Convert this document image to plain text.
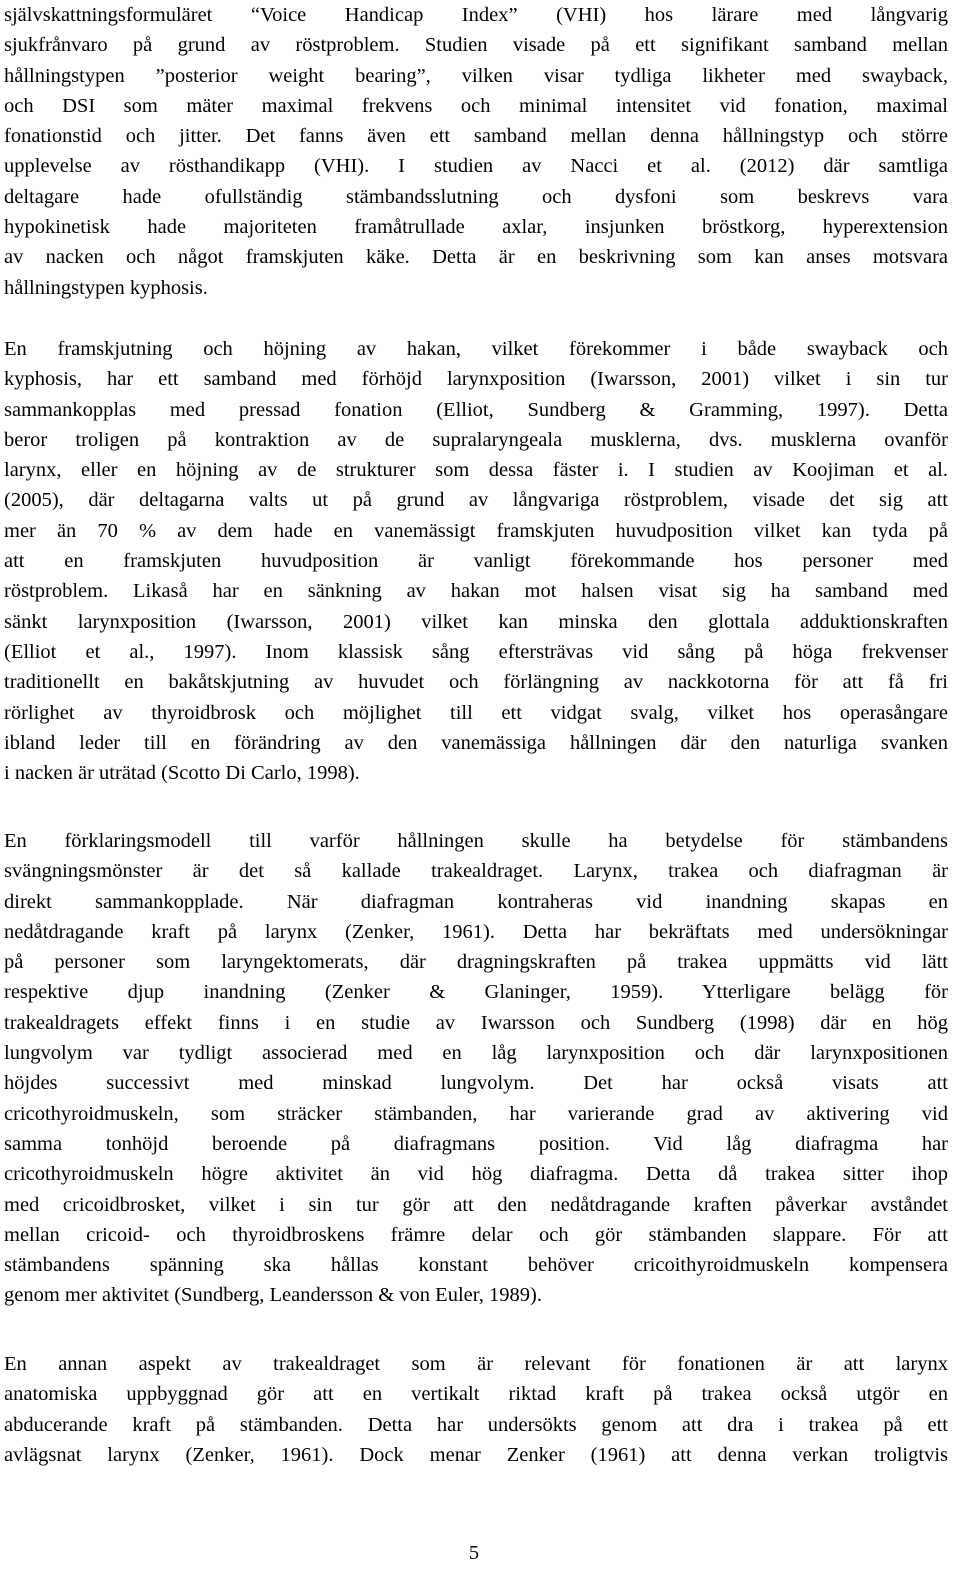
självskattningsformuläret “Voice Handicap Index” (VHI) hos lärare med långvarig
sjukfrånvaro på grund av röstproblem. Studien visade på ett signifikant samband mellan
hållningstypen ”posterior weight bearing”, vilken visar tydliga likheter med swayback,
och DSI som mäter maximal frekvens och minimal intensitet vid fonation, maximal
fonationstid och jitter. Det fanns även ett samband mellan denna hållningstyp och större
upplevelse av rösthandikapp (VHI). I studien av Nacci et al. (2012) där samtliga
deltagare hade ofullständig stämbandsslutning och dysfoni som beskrevs vara
hypokinetisk hade majoriteten framåtrullade axlar, insjunken bröstkorg, hyperextension
av nacken och något framskjuten käke. Detta är en beskrivning som kan anses motsvara
hållningstypen kyphosis.
En framskjutning och höjning av hakan, vilket förekommer i både swayback och
kyphosis, har ett samband med förhöjd larynxposition (Iwarsson, 2001) vilket i sin tur
sammankopplas med pressad fonation (Elliot, Sundberg & Gramming, 1997). Detta
beror troligen på kontraktion av de supralaryngeala musklerna, dvs. musklerna ovanför
larynx, eller en höjning av de strukturer som dessa fäster i. I studien av Koojiman et al.
(2005), där deltagarna valts ut på grund av långvariga röstproblem, visade det sig att
mer än 70 % av dem hade en vanemässigt framskjuten huvudposition vilket kan tyda på
att en framskjuten huvudposition är vanligt förekommande hos personer med
röstproblem. Likaså har en sänkning av hakan mot halsen visat sig ha samband med
sänkt larynxposition (Iwarsson, 2001) vilket kan minska den glottala adduktionskraften
(Elliot et al., 1997). Inom klassisk sång eftersträvas vid sång på höga frekvenser
traditionellt en bakåtskjutning av huvudet och förlängning av nackkotorna för att få fri
rörlighet av thyroidbrosk och möjlighet till ett vidgat svalg, vilket hos operasångare
ibland leder till en förändring av den vanemässiga hållningen där den naturliga svanken
i nacken är uträtad (Scotto Di Carlo, 1998).
En förklaringsmodell till varför hållningen skulle ha betydelse för stämbandens
svängningsmönster är det så kallade trakealdraget. Larynx, trakea och diafragman är
direkt sammankopplade. När diafragman kontraheras vid inandning skapas en
nedåtdragande kraft på larynx (Zenker, 1961). Detta har bekräftats med undersökningar
på personer som laryngektomerats, där dragningskraften på trakea uppmätts vid lätt
respektive djup inandning (Zenker & Glaninger, 1959). Ytterligare belägg för
trakealdragets effekt finns i en studie av Iwarsson och Sundberg (1998) där en hög
lungvolym var tydligt associerad med en låg larynxposition och där larynxpositionen
höjdes successivt med minskad lungvolym. Det har också visats att
cricothyroidmuskeln, som sträcker stämbanden, har varierande grad av aktivering vid
samma tonhöjd beroende på diafragmans position. Vid låg diafragma har
cricothyroidmuskeln högre aktivitet än vid hög diafragma. Detta då trakea sitter ihop
med cricoidbrosket, vilket i sin tur gör att den nedåtdragande kraften påverkar avståndet
mellan cricoid- och thyroidbroskens främre delar och gör stämbanden slappare. För att
stämbandens spänning ska hållas konstant behöver cricoithyroidmuskeln kompensera
genom mer aktivitet (Sundberg, Leandersson & von Euler, 1989).
En annan aspekt av trakealdraget som är relevant för fonationen är att larynx
anatomiska uppbyggnad gör att en vertikalt riktad kraft på trakea också utgör en
abducerande kraft på stämbanden. Detta har undersökts genom att dra i trakea på ett
avlägsnat larynx (Zenker, 1961). Dock menar Zenker (1961) att denna verkan troligtvis
5
